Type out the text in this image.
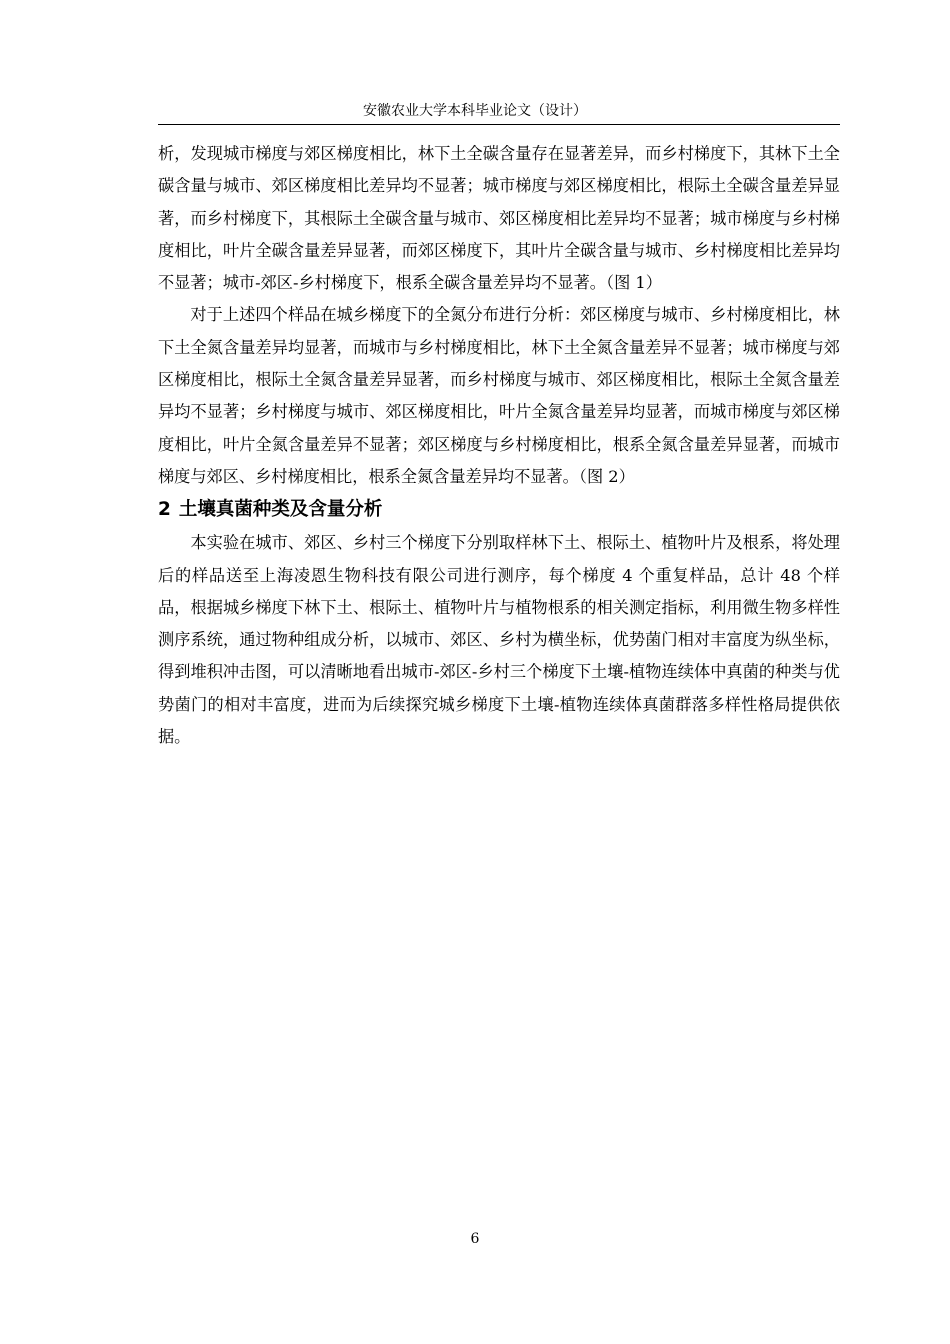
安徽农业大学本科毕业论文（设计）

析，发现城市梯度与郊区梯度相比，林下土全碳含量存在显著差异，而乡村梯度下，其林下土全碳含量与城市、郊区梯度相比差异均不显著；城市梯度与郊区梯度相比，根际土全碳含量差异显著，而乡村梯度下，其根际土全碳含量与城市、郊区梯度相比差异均不显著；城市梯度与乡村梯度相比，叶片全碳含量差异显著，而郊区梯度下，其叶片全碳含量与城市、乡村梯度相比差异均不显著；城市-郊区-乡村梯度下，根系全碳含量差异均不显著。（图 1）

对于上述四个样品在城乡梯度下的全氮分布进行分析：郊区梯度与城市、乡村梯度相比，林下土全氮含量差异均显著，而城市与乡村梯度相比，林下土全氮含量差异不显著；城市梯度与郊区梯度相比，根际土全氮含量差异显著，而乡村梯度与城市、郊区梯度相比，根际土全氮含量差异均不显著；乡村梯度与城市、郊区梯度相比，叶片全氮含量差异均显著，而城市梯度与郊区梯度相比，叶片全氮含量差异不显著；郊区梯度与乡村梯度相比，根系全氮含量差异显著，而城市梯度与郊区、乡村梯度相比，根系全氮含量差异均不显著。（图 2）

2 土壤真菌种类及含量分析

本实验在城市、郊区、乡村三个梯度下分别取样林下土、根际土、植物叶片及根系，将处理后的样品送至上海凌恩生物科技有限公司进行测序，每个梯度 4 个重复样品，总计 48 个样品，根据城乡梯度下林下土、根际土、植物叶片与植物根系的相关测定指标，利用微生物多样性测序系统，通过物种组成分析，以城市、郊区、乡村为横坐标，优势菌门相对丰富度为纵坐标，得到堆积冲击图，可以清晰地看出城市-郊区-乡村三个梯度下土壤-植物连续体中真菌的种类与优势菌门的相对丰富度，进而为后续探究城乡梯度下土壤-植物连续体真菌群落多样性格局提供依据。

6
